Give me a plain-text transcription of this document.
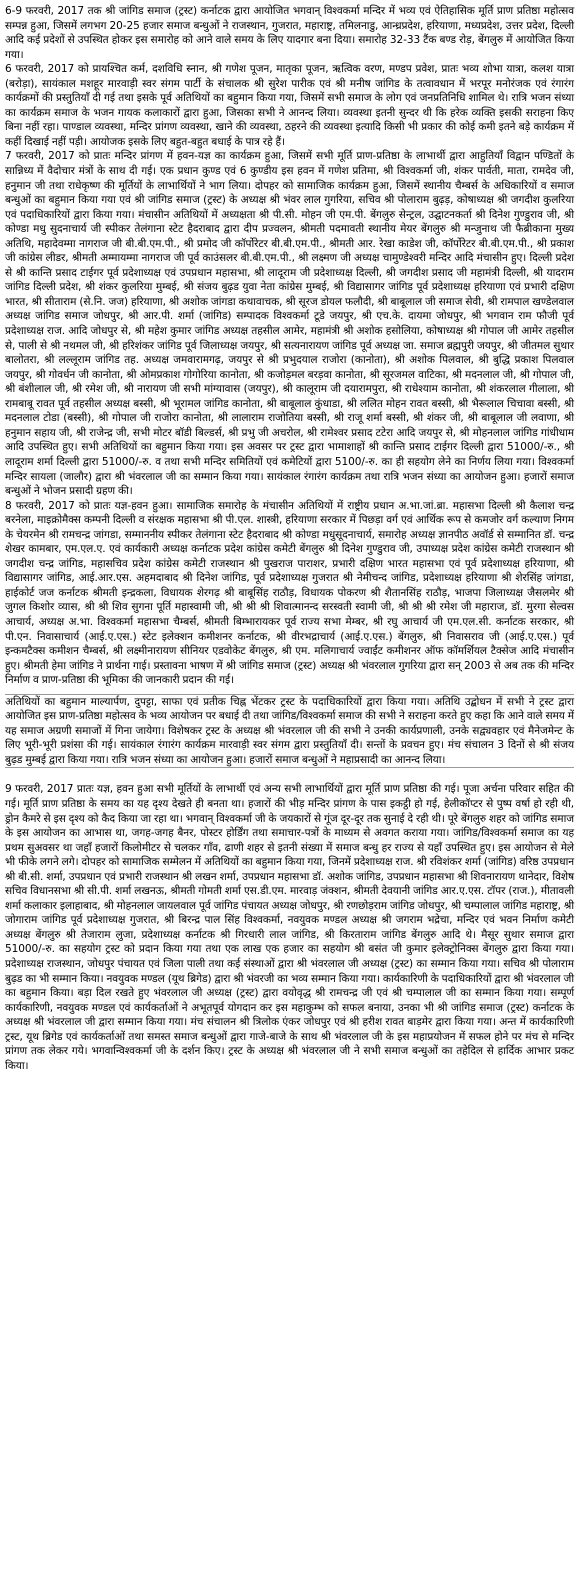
6-9 फरवरी, 2017 तक श्री जांगिड समाज (ट्रस्ट) कर्नाटक द्वारा आयोजित भगवान् विश्वकर्मा मन्दिर में भव्य एवं ऐतिहासिक मूर्ति प्राण प्रतिष्ठा महोत्सव सम्पन्न हुआ, जिसमें लगभग 20-25 हजार समाज बन्धुओं ने राजस्थान, गुजरात, महाराष्ट्र, तमिलनाडु, आन्ध्रप्रदेश, हरियाणा, मध्यप्रदेश, उत्तर प्रदेश, दिल्ली आदि कई प्रदेशों से उपस्थित होकर इस समारोह को आने वाले समय के लिए यादगार बना दिया। समारोह 32-33 टैंक बण्ड रोड़, बेंगलुरु में आयोजित किया गया।
6 फरवरी, 2017 को प्रायश्चित कर्म, दशविधि स्नान, श्री गणेश पूजन, मातृका पूजन, ऋत्विक वरण, मण्डप प्रवेश, प्रातः भव्य शोभा यात्रा, कलश यात्रा (बरोड़ा), सायंकाल मशहूर मारवाड़ी स्वर संगम पार्टी के संचालक श्री सुरेश पारीक एवं श्री मनीष जांगिड के तत्वावधान में भरपूर मनोरंजक एवं रंगारंग कार्यक्रमों की प्रस्तुतियाँ दी गई तथा इसके पूर्व अतिथियों का बहुमान किया गया, जिसमें सभी समाज के लोग एवं जनप्रतिनिधि शामिल थे। रात्रि भजन संध्या का कार्यक्रम समाज के भजन गायक कलाकारों द्वारा हुआ, जिसका सभी ने आनन्द लिया। व्यवस्था इतनी सुन्दर थी कि हरेक व्यक्ति इसकी सराहना किए बिना नहीं रहा। पाण्डाल व्यवस्था, मन्दिर प्रांगण व्यवस्था, खाने की व्यवस्था, ठहरने की व्यवस्था इत्यादि किसी भी प्रकार की कोई कमी इतने बड़े कार्यक्रम में कहीं दिखाई नहीं पड़ी। आयोजक इसके लिए बहुत-बहुत बधाई के पात्र रहे हैं।
7 फरवरी, 2017 को प्रातः मन्दिर प्रांगण में हवन-यज्ञ का कार्यक्रम हुआ, जिसमें सभी मूर्ति प्राण-प्रतिष्ठा के लाभार्थी द्वारा आहुतियाँ विद्वान पण्डितों के सान्निध्य में वैदोचार मंत्रों के साथ दी गई। एक प्रधान कुण्ड एवं 6 कुण्डीय इस हवन में गणेश प्रतिमा, श्री विश्वकर्मा जी, शंकर पार्वती, माता, रामदेव जी, हनुमान जी तथा राधेकृष्ण की मूर्तियों के लाभार्थियों ने भाग लिया। दोपहर को सामाजिक कार्यक्रम हुआ, जिसमें स्थानीय चैम्बर्स के अधिकारियों व समाज बन्धुओं का बहुमान किया गया एवं श्री जांगिड समाज (ट्रस्ट) के अध्यक्ष श्री भंवर लाल गुगरिया, सचिव श्री पोलाराम बुढ़ड़, कोषाध्यक्ष श्री जगदीश कुलरिया एवं पदाधिकारियों द्वारा किया गया। मंचासीन अतिथियों में अध्यक्षता श्री पी.सी. मोहन जी एम.पी. बेंगलुरु सेन्ट्रल, उद्घाटनकर्ता श्री दिनेश गुण्डुराव जी, श्री कोण्डा मधु सुदनाचार्य जी स्पीकर तेलंगाना स्टेट हैदराबाद द्वारा दीप प्रज्वलन, श्रीमती पदमावती स्थानीय मेयर बेंगलुरु श्री मन्जुनाथ जी फैब्रीकाना मुख्य अतिथि, महादेवम्मा नागराज जी बी.बी.एम.पी., श्री प्रमोद जी कॉर्पोरेटर बी.बी.एम.पी., श्रीमती आर. रेखा काडेश जी, कॉर्पोरेटर बी.बी.एम.पी., श्री प्रकाश जी कांग्रेस लीडर, श्रीमती अम्मायम्मा नागराज जी पूर्व काउंसलर बी.बी.एम.पी., श्री लक्ष्मण जी अध्यक्ष चामुण्डेश्वरी मन्दिर आदि मंचासीन हुए। दिल्ली प्रदेश से श्री कान्ति प्रसाद टाईगर पूर्व प्रदेशाध्यक्ष एवं उपप्रधान महासभा, श्री लादूराम जी प्रदेशाध्यक्ष दिल्ली, श्री जगदीश प्रसाद जी महामंत्री दिल्ली, श्री यादराम जांगिड दिल्ली प्रदेश, श्री शंकर कुलरिया मुम्बई, श्री संजय बुढ़ड युवा नेता कांग्रेस मुम्बई, श्री विद्यासागर जांगिड पूर्व प्रदेशाध्यक्ष हरियाणा एवं प्रभारी दक्षिण भारत, श्री सीताराम (से.नि. जज) हरियाणा, श्री अशोक जांगडा कथावाचक, श्री सूरज डोयल फलौदी, श्री बाबूलाल जी समाज सेवी, श्री रामपाल खण्डेलवाल अध्यक्ष जांगिड समाज जोधपुर, श्री आर.पी. शर्मा (जांगिड) सम्पादक विश्वकर्मा टूडे जयपुर, श्री एच.के. दायमा जोधपुर, श्री भगवान राम फौजी पूर्व प्रदेशाध्यक्ष राज. आदि जोधपुर से, श्री महेश कुमार जांगिड अध्यक्ष तहसील आमेर, महामंत्री श्री अशोक हसोलिया, कोषाध्यक्ष श्री गोपाल जी आमेर तहसील से, पाली से श्री नथमल जी, श्री हरिशंकर जांगिड पूर्व जिलाध्यक्ष जयपुर, श्री सत्यनारायण जांगिड पूर्व अध्यक्ष जा. समाज ब्रह्मपुरी जयपुर, श्री जीतमल सुथार बालोतरा, श्री लल्लूराम जांगिड तह. अध्यक्ष जमवारामगढ़, जयपुर से श्री प्रभुदयाल राजोरा (कानोता), श्री अशोक पिलवाल, श्री बुद्धि प्रकाश पिलवाल जयपुर, श्री गोवर्धन जी कानोता, श्री ओमप्रकाश गोगोरिया कानोता, श्री कजोड़मल बरड़वा कानोता, श्री सूरजमल वाटिका, श्री मदनलाल जी, श्री गोपाल जी, श्री बंशीलाल जी, श्री रमेश जी, श्री नारायण जी सभी मांग्यावास (जयपुर), श्री कालूराम जी दयारामपुरा, श्री राधेश्याम कानोता, श्री शंकरलाल गीलाला, श्री रामबाबू रावत पूर्व तहसील अध्यक्ष बस्सी, श्री भूरामल जांगिड कानोता, श्री बाबूलाल कुंधाडा, श्री ललित मोहन रावत बस्सी, श्री भैरूलाल चिचावा बस्सी, श्री मदनलाल टोडा (बस्सी), श्री गोपाल जी राजोरा कानोता, श्री लालाराम राजोतिया बस्सी, श्री राजू शर्मा बस्सी, श्री शंकर जी, श्री बाबूलाल जी लवाणा, श्री हनुमान सहाय जी, श्री राजेन्द्र जी, सभी मोटर बॉडी बिल्डर्स, श्री प्रभु जी अचरोल, श्री रामेश्वर प्रसाद टटेरा आदि जयपुर से, श्री मोहनलाल जांगिड गांधीधाम आदि उपस्थित हुए। सभी अतिथियों का बहुमान किया गया। इस अवसर पर ट्रस्ट द्वारा भामाशाहों श्री कान्ति प्रसाद टाईगर दिल्ली द्वारा 51000/-रु., श्री लादूराम शर्मा दिल्ली द्वारा 51000/-रु. व तथा सभी मन्दिर समितियों एवं कमेटियों द्वारा 5100/-रु. का ही सहयोग लेने का निर्णय लिया गया। विश्वकर्मा मन्दिर सायला (जालौर) द्वारा श्री भंवरलाल जी का सम्मान किया गया। सायंकाल रंगारंग कार्यक्रम तथा रात्रि भजन संध्या का आयोजन हुआ। हजारों समाज बन्धुओं ने भोजन प्रसादी ग्रहण की।
8 फरवरी, 2017 को प्रातः यज्ञ-हवन हुआ। सामाजिक समारोह के मंचासीन अतिथियों में राष्ट्रीय प्रधान अ.भा.जां.ब्रा. महासभा दिल्ली श्री कैलाश चन्द्र बरनेला, माइक्रोमैक्स कम्पनी दिल्ली व संरक्षक महासभा श्री पी.एल. शास्त्री, हरियाणा सरकार में पिछड़ा वर्ग एवं आर्थिक रूप से कमजोर वर्ग कल्याण निगम के चेयरमेन श्री रामचन्द्र जांगडा, सम्माननीय स्पीकर तेलंगाना स्टेट हैदराबाद श्री कोण्डा मधुसूदनाचार्य, समारोह अध्यक्ष ज्ञानपीठ अवॉर्ड से सम्मानित डॉ. चन्द्र शेखर कामबार, एम.एल.ए. एवं कार्यकारी अध्यक्ष कर्नाटक प्रदेश कांग्रेस कमेटी बेंगलुरु श्री दिनेश गुण्डुराव जी, उपाध्यक्ष प्रदेश कांग्रेस कमेटी राजस्थान श्री जगदीश चन्द्र जांगिड, महासचिव प्रदेश कांग्रेस कमेटी राजस्थान श्री पुखराज पाराशर, प्रभारी दक्षिण भारत महासभा एवं पूर्व प्रदेशाध्यक्ष हरियाणा, श्री विद्यासागर जांगिड, आई.आर.एस. अहमदाबाद श्री दिनेश जांगिड, पूर्व प्रदेशाध्यक्ष गुजरात श्री नेमीचन्द जांगिड, प्रदेशाध्यक्ष हरियाणा श्री शेरसिंह जांगडा, हाईकोर्ट जज कर्नाटक श्रीमती इन्द्रकला, विधायक शेरगढ़ श्री बाबूसिंह राठौड़, विधायक पोकरण श्री शैतानसिंह राठौड़, भाजपा जिलाध्यक्ष जैसलमेर श्री जुगल किशोर व्यास, श्री श्री शिव सुगना पूर्ति महास्वामी जी, श्री श्री श्री शिवात्मानन्द सरस्वती स्वामी जी, श्री श्री श्री रमेश जी महाराज, डॉ. मुरगा सेल्वस आचार्य, अध्यक्ष अ.भा. विश्वकर्मा महासभा चैम्बर्स, श्रीमती बिम्भारायकर पूर्व राज्य सभा मेम्बर, श्री रघु आचार्य जी एम.एल.सी. कर्नाटक सरकार, श्री पी.एन. निवासाचार्य (आई.ए.एस.) स्टेट इलेक्शन कमीशनर कर्नाटक, श्री वीरभद्राचार्य (आई.ए.एस.) बेंगलुरु, श्री निवासराव जी (आई.ए.एस.) पूर्व इन्कमटैक्स कमीशन चैम्बर्स, श्री लक्ष्मीनारायण सीनियर एडवोकेट बेंगलुरु, श्री एम. मलिगाचार्य ज्वाईंट कमीशनर ऑफ कॉमर्शियल टैक्सेज आदि मंचासीन हुए। श्रीमती हेमा जांगिड ने प्रार्थना गाई। प्रस्तावना भाषण में श्री जांगिड समाज (ट्रस्ट) अध्यक्ष श्री भंवरलाल गुगरिया द्वारा सन् 2003 से अब तक की मन्दिर निर्माण व प्राण-प्रतिष्ठा की भूमिका की जानकारी प्रदान की गई।

अतिथियों का बहुमान माल्यार्पण, दुपट्टा, साफा एवं प्रतीक चिह्न भेंटकर ट्रस्ट के पदाधिकारियों द्वारा किया गया। अतिथि उद्बोधन में सभी ने ट्रस्ट द्वारा आयोजित इस प्राण-प्रतिष्ठा महोत्सव के भव्य आयोजन पर बधाई दी तथा जांगिड/विश्वकर्मा समाज की सभी ने सराहना करते हुए कहा कि आने वाले समय में यह समाज अग्रणी समाजों में गिना जायेगा। विशेषकर ट्रस्ट के अध्यक्ष श्री भंवरलाल जी की सभी ने उनकी कार्यप्रणाली, उनके सद्व्यवहार एवं मैनेजमेन्ट के लिए भूरी-भूरी प्रशंसा की गई। सायंकाल रंगारंग कार्यक्रम मारवाड़ी स्वर संगम द्वारा प्रस्तुतियाँ दी। सन्तों के प्रवचन हुए। मंच संचालन 3 दिनों से श्री संजय बुढ़ड मुम्बई द्वारा किया गया। रात्रि भजन संध्या का आयोजन हुआ। हजारों समाज बन्धुओं ने महाप्रसादी का आनन्द लिया।

9 फरवरी, 2017 प्रातः यज्ञ, हवन हुआ सभी मूर्तियों के लाभार्थी एवं अन्य सभी लाभार्थियों द्वारा मूर्ति प्राण प्रतिष्ठा की गई। पूजा अर्चना परिवार सहित की गई। मूर्ति प्राण प्रतिष्ठा के समय का यह दृश्य देखते ही बनता था। हजारों की भीड़ मन्दिर प्रांगण के पास इकट्ठी हो गई, हेलीकॉप्टर से पुष्प वर्षा हो रही थी, ड्रोन कैमरे से इस दृश्य को कैद किया जा रहा था। भगवान् विश्वकर्मा जी के जयकारों से गूंज दूर-दूर तक सुनाई दे रही थी। पूरे बेंगलुरु शहर को जांगिड समाज के इस आयोजन का आभास था, जगह-जगह बैनर, पोस्टर होर्डिंग तथा समाचार-पत्रों के माध्यम से अवगत कराया गया। जांगिड/विश्वकर्मा समाज का यह प्रथम सुअवसर था जहाँ हजारों किलोमीटर से चलकर गाँव, ढाणी शहर से इतनी संख्या में समाज बन्धु हर राज्य से यहाँ उपस्थित हुए। इस आयोजन से मेले भी फीके लगने लगे। दोपहर को सामाजिक सम्मेलन में अतिथियों का बहुमान किया गया, जिनमें प्रदेशाध्यक्ष राज. श्री रविशंकर शर्मा (जांगिड) वरिष्ठ उपप्रधान श्री बी.सी. शर्मा, उपप्रधान एवं प्रभारी राजस्थान श्री लखन शर्मा, उपप्रधान महासभा डॉ. अशोक जांगिड, उपप्रधान महासभा श्री शिवनारायण थानेदार, विशेष सचिव विधानसभा श्री सी.पी. शर्मा लखनऊ, श्रीमती गोमती शर्मा एस.डी.एम. मारवाड़ जंक्शन, श्रीमती देवयानी जांगिड आर.ए.एस. टॉपर (राज.), मीतावली शर्मा कलाकार इलाहाबाद, श्री मोहनलाल जायलवाल पूर्व जांगिड पंचायत अध्यक्ष जोधपुर, श्री रणछोड़राम जांगिड जोधपुर, श्री चम्पालाल जांगिड महाराष्ट्र, श्री जोगाराम जांगिड पूर्व प्रदेशाध्यक्ष गुजरात, श्री बिरन्द्र पाल सिंह विश्वकर्मा, नवयुवक मण्डल अध्यक्ष श्री जगराम भद्रेचा, मन्दिर एवं भवन निर्माण कमेटी अध्यक्ष बेंगलुरु श्री तेजाराम लुजा, प्रदेशाध्यक्ष कर्नाटक श्री गिरधारी लाल जांगिड, श्री किरताराम जांगिड बेंगलुरु आदि थे। मैसूर सुथार समाज द्वारा 51000/-रु. का सहयोग ट्रस्ट को प्रदान किया गया तथा एक लाख एक हजार का सहयोग श्री बसंत जी कुमार इलेक्ट्रोनिक्स बेंगलुरु द्वारा किया गया। प्रदेशाध्यक्ष राजस्थान, जोधपुर पंचायत एवं जिला पाली तथा कई संस्थाओं द्वारा श्री भंवरलाल जी अध्यक्ष (ट्रस्ट) का सम्मान किया गया। सचिव श्री पोलाराम बुढ़ड का भी सम्मान किया। नवयुवक मण्डल (यूथ ब्रिगेड) द्वारा श्री भंवरजी का भव्य सम्मान किया गया। कार्यकारिणी के पदाधिकारियों द्वारा श्री भंवरलाल जी का बहुमान किया। बड़ा दिल रखते हुए भंवरलाल जी अध्यक्ष (ट्रस्ट) द्वारा वयोवृद्ध श्री रामचन्द्र जी एवं श्री चम्पालाल जी का सम्मान किया गया। सम्पूर्ण कार्यकारिणी, नवयुवक मण्डल एवं कार्यकर्ताओं ने अभूतपूर्व योगदान कर इस महाकुम्भ को सफल बनाया, उनका भी श्री जांगिड समाज (ट्रस्ट) कर्नाटक के अध्यक्ष श्री भंवरलाल जी द्वारा सम्मान किया गया। मंच संचालन श्री त्रिलोक एंकर जोधपुर एवं श्री हरीश रावत बाड़मेर द्वारा किया गया। अन्त में कार्यकारिणी ट्रस्ट, यूथ ब्रिगेड एवं कार्यकर्ताओं तथा समस्त समाज बन्धुओं द्वारा गाजे-बाजे के साथ श्री भंवरलाल जी के इस महाप्रयोजन में सफल होने पर मंच से मन्दिर प्रांगण तक लेकर गये। भगवान्विश्वकर्मा जी के दर्शन किए। ट्रस्ट के अध्यक्ष श्री भंवरलाल जी ने सभी समाज बन्धुओं का तहेदिल से हार्दिक आभार प्रकट किया।
